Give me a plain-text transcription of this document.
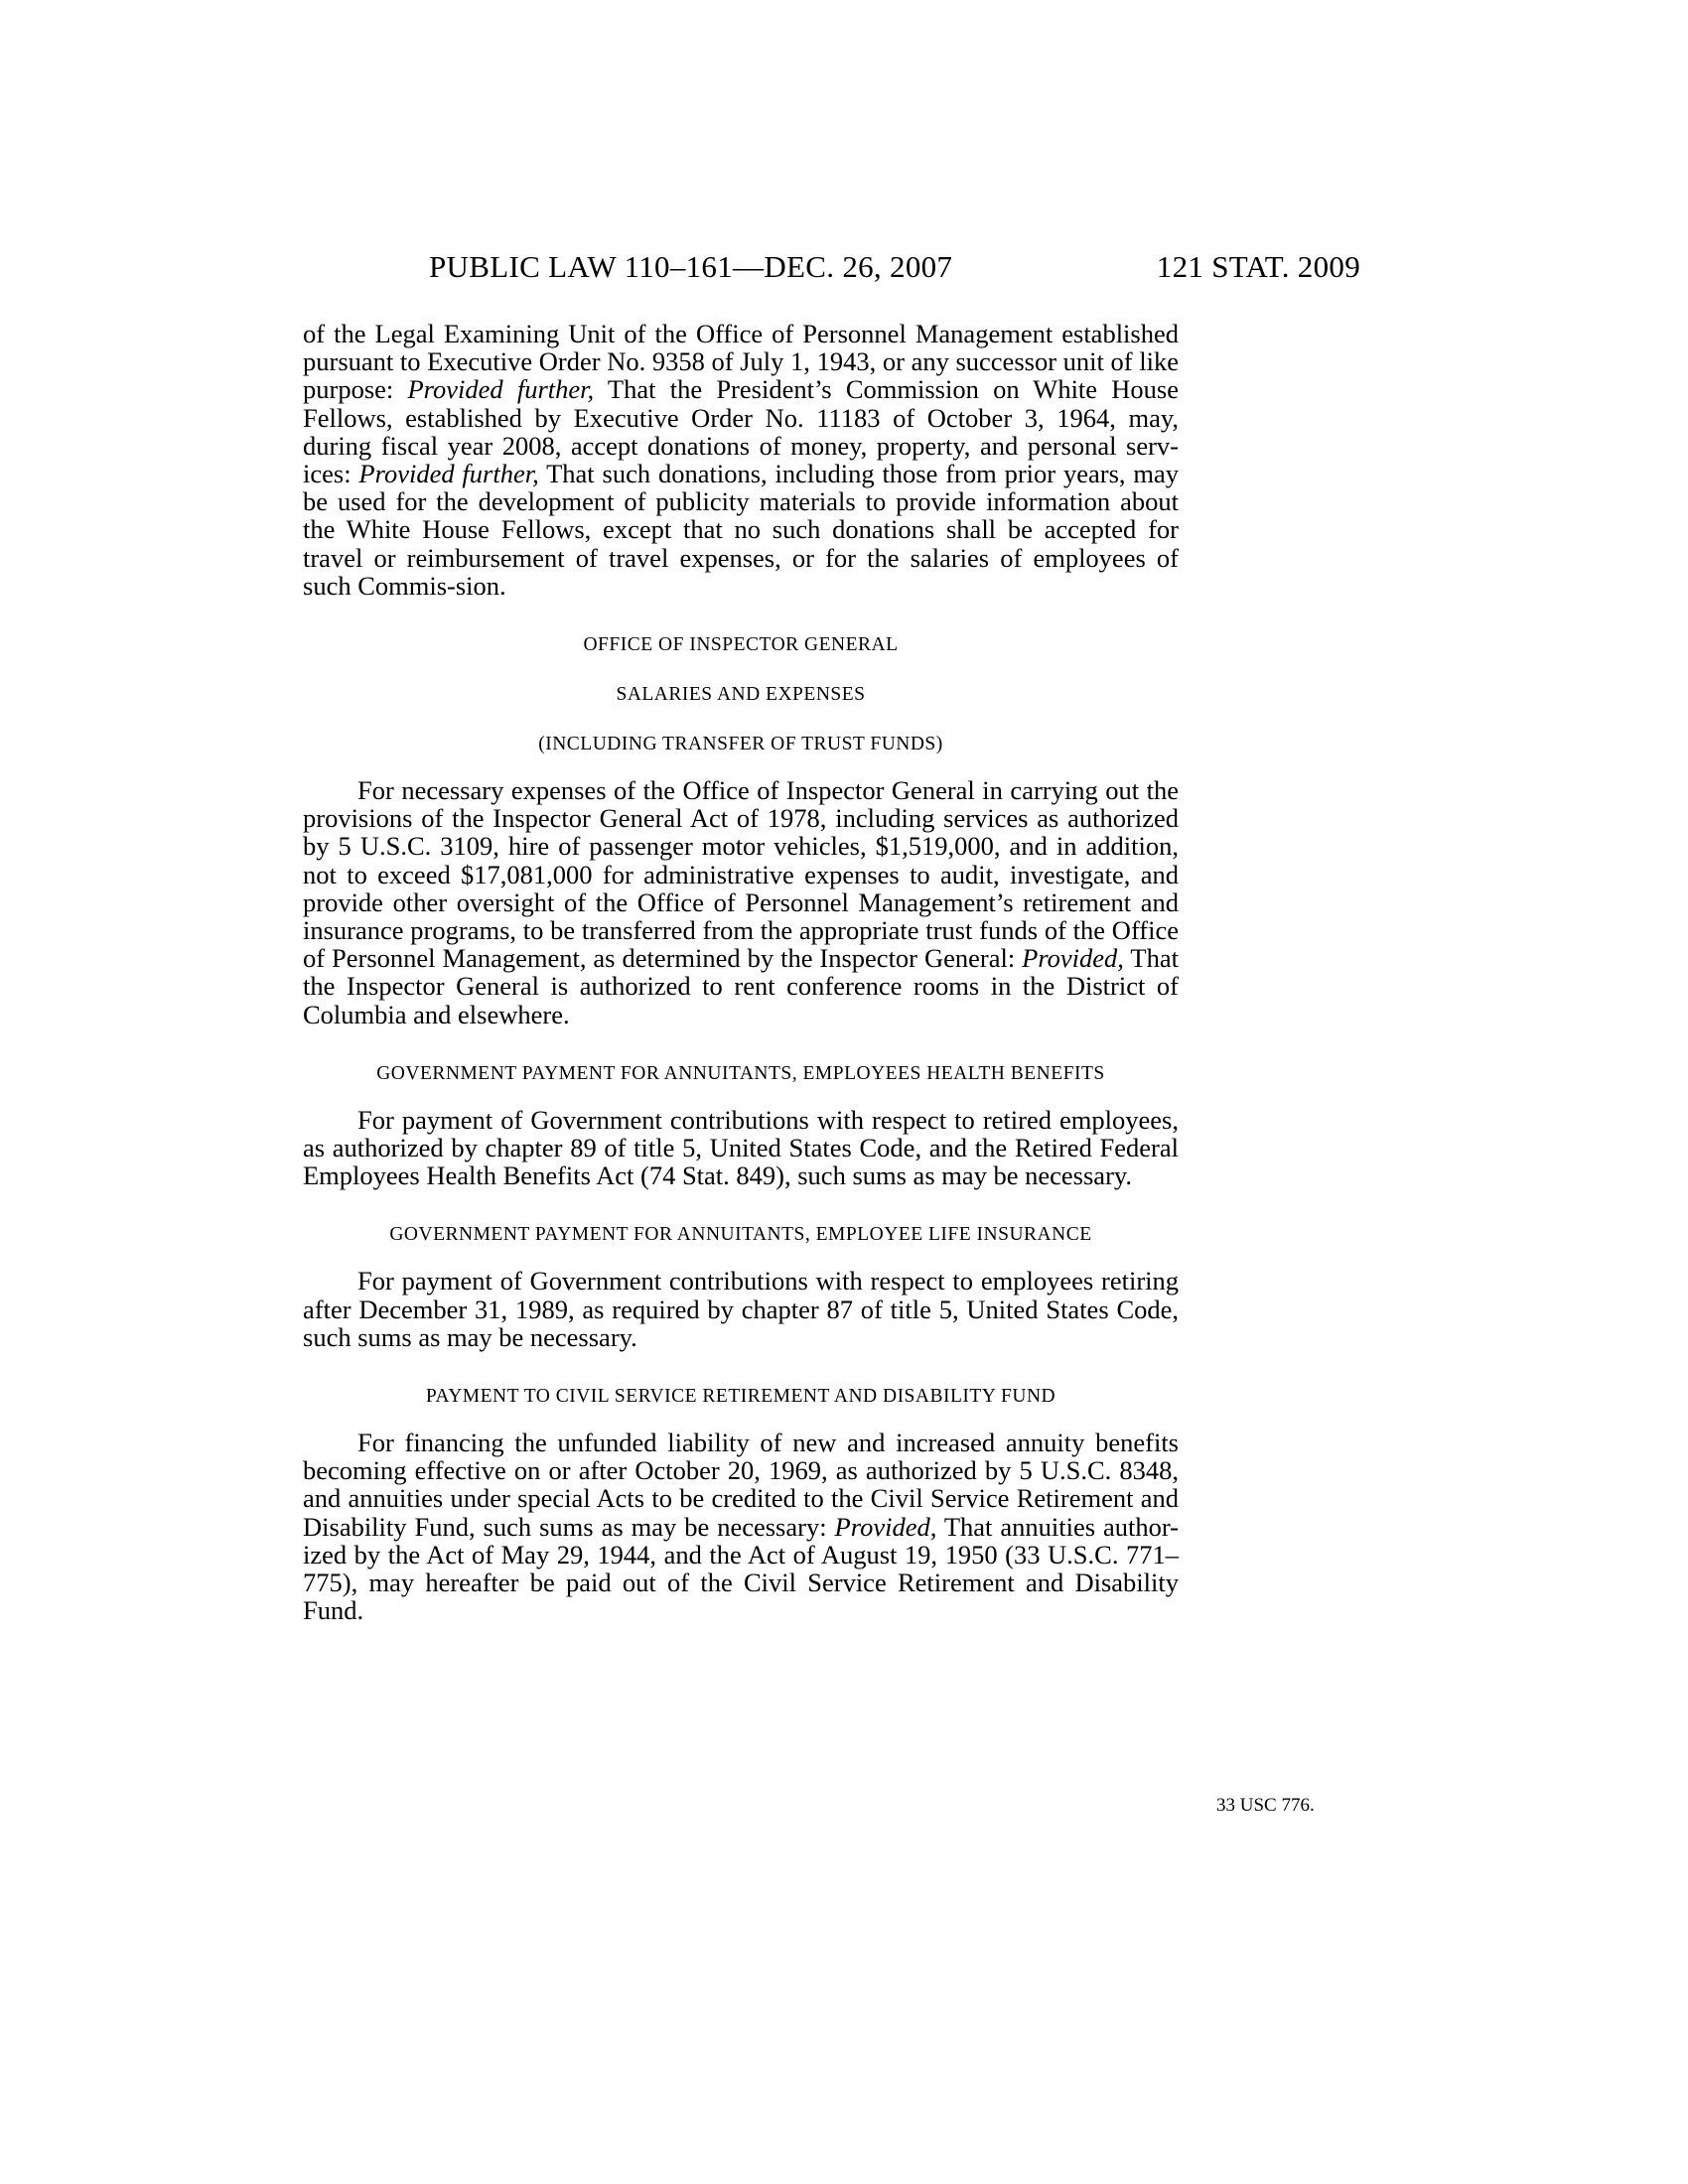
PUBLIC LAW 110–161—DEC. 26, 2007	121 STAT. 2009

of the Legal Examining Unit of the Office of Personnel Management established pursuant to Executive Order No. 9358 of July 1, 1943, or any successor unit of like purpose: Provided further, That the President’s Commission on White House Fellows, established by Executive Order No. 11183 of October 3, 1964, may, during fiscal year 2008, accept donations of money, property, and personal serv-ices: Provided further, That such donations, including those from prior years, may be used for the development of publicity materials to provide information about the White House Fellows, except that no such donations shall be accepted for travel or reimbursement of travel expenses, or for the salaries of employees of such Commis-sion.

OFFICE OF INSPECTOR GENERAL
SALARIES AND EXPENSES
(INCLUDING TRANSFER OF TRUST FUNDS)

For necessary expenses of the Office of Inspector General in carrying out the provisions of the Inspector General Act of 1978, including services as authorized by 5 U.S.C. 3109, hire of passenger motor vehicles, $1,519,000, and in addition, not to exceed $17,081,000 for administrative expenses to audit, investigate, and provide other oversight of the Office of Personnel Management’s retirement and insurance programs, to be transferred from the appropriate trust funds of the Office of Personnel Management, as determined by the Inspector General: Provided, That the Inspector General is authorized to rent conference rooms in the District of Columbia and elsewhere.

GOVERNMENT PAYMENT FOR ANNUITANTS, EMPLOYEES HEALTH BENEFITS

For payment of Government contributions with respect to retired employees, as authorized by chapter 89 of title 5, United States Code, and the Retired Federal Employees Health Benefits Act (74 Stat. 849), such sums as may be necessary.

GOVERNMENT PAYMENT FOR ANNUITANTS, EMPLOYEE LIFE INSURANCE

For payment of Government contributions with respect to employees retiring after December 31, 1989, as required by chapter 87 of title 5, United States Code, such sums as may be necessary.

PAYMENT TO CIVIL SERVICE RETIREMENT AND DISABILITY FUND

For financing the unfunded liability of new and increased annuity benefits becoming effective on or after October 20, 1969, as authorized by 5 U.S.C. 8348, and annuities under special Acts to be credited to the Civil Service Retirement and Disability Fund, such sums as may be necessary: Provided, That annuities author-ized by the Act of May 29, 1944, and the Act of August 19, 1950 (33 U.S.C. 771–775), may hereafter be paid out of the Civil Service Retirement and Disability Fund.

33 USC 776.
